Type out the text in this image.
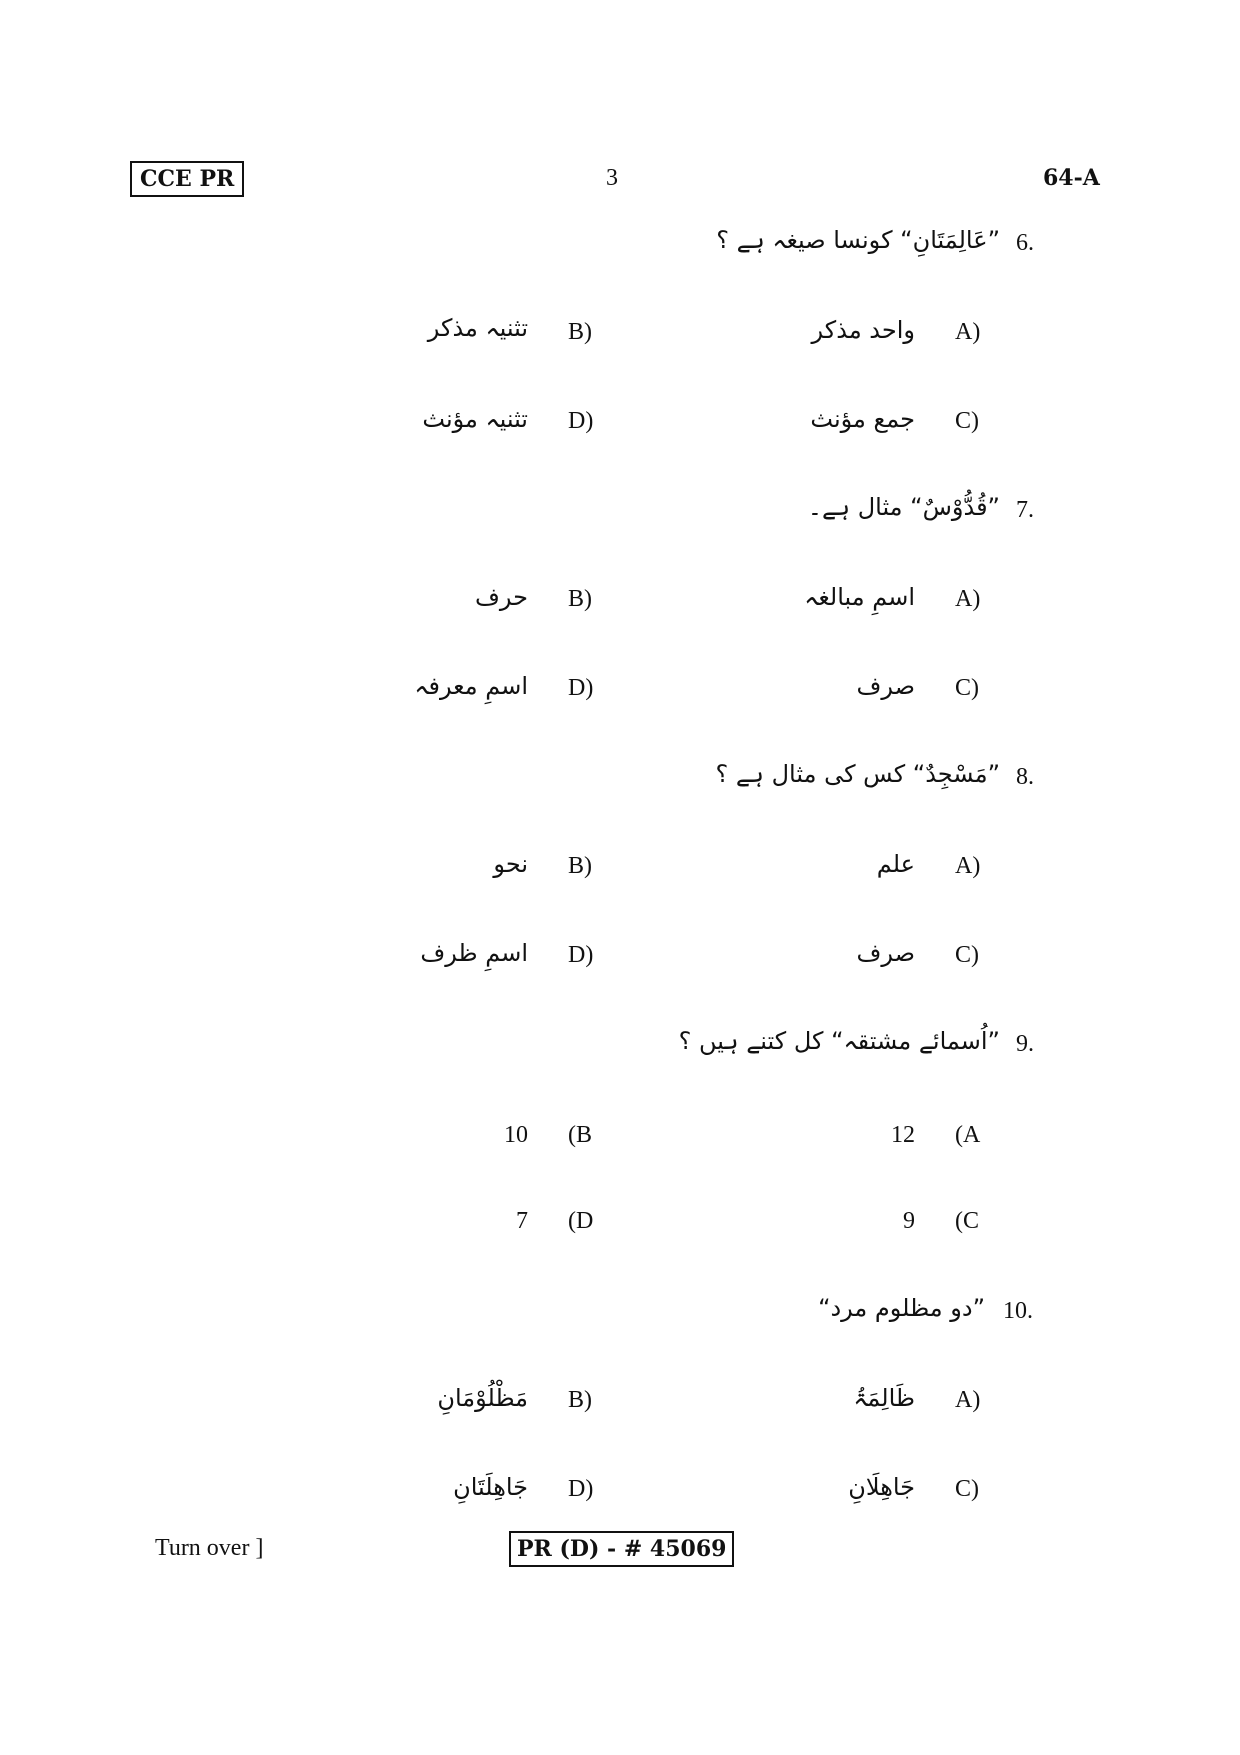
CCE PR	3	64-A
6.
”عَالِمَتَانِ“ کونسا صیغہ ہے ؟
A)
واحد مذکر
B)
تثنیہ مذکر
C)
جمع مؤنث
D)
تثنیہ مؤنث
7.
”قُدُّوْسٌ“ مثال ہے۔
A)
اسمِ مبالغہ
B)
حرف
C)
صرف
D)
اسمِ معرفہ
8.
”مَسْجِدٌ“ کس کی مثال ہے ؟
A)
علم
B)
نحو
C)
صرف
D)
اسمِ ظرف
9.
”اُسمائے مشتقہ“ کل کتنے ہیں ؟
(A
12
(B
10
(C
9
(D
7
10.
”دو مظلوم مرد“
A)
ظَالِمَۃُ
B)
مَظْلُوْمَانِ
C)
جَاھِلَانِ
D)
جَاھِلَتَانِ
Turn over ]	PR (D) - # 45069
